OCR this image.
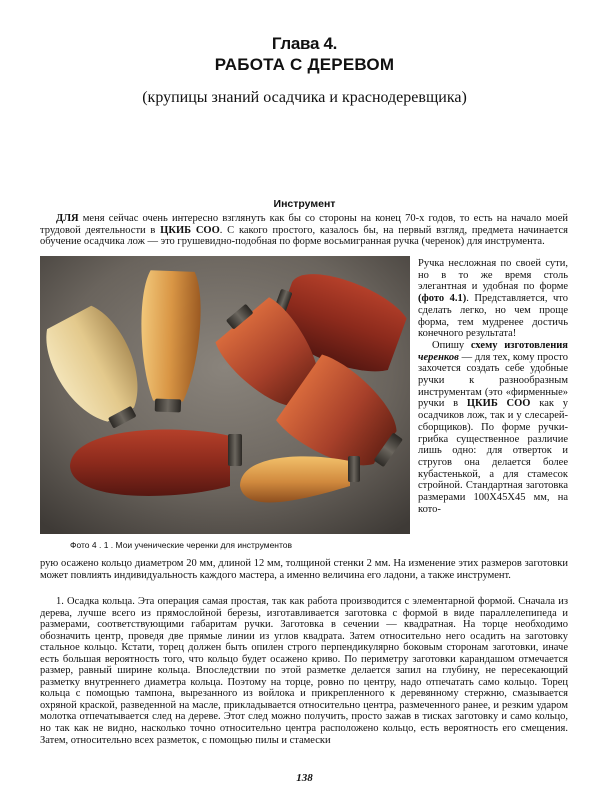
Глава 4.
РАБОТА С ДЕРЕВОМ
(крупицы знаний осадчика и краснодеревщика)
Инструмент
ДЛЯ меня сейчас очень интересно взглянуть как бы со стороны на конец 70-х годов, то есть на начало моей трудовой деятельности в ЦКИБ СОО. С какого простого, казалось бы, на первый взгляд, предмета начинается обучение осадчика лож — это грушевидно-подобная по форме восьмигранная ручка (черенок) для инструмента.
Фото 4 . 1 . Мои ученические черенки для инструментов
Ручка несложная по своей сути, но в то же время столь элегантная и удобная по форме (фото 4.1). Представляется, что сделать легко, но чем проще форма, тем мудренее достичь конечного результата!
Опишу схему изготовления черенков — для тех, кому просто захочется создать себе удобные ручки к разнообразным инструментам (это «фирменные» ручки в ЦКИБ СОО как у осадчиков лож, так и у слесарей-сборщиков). По форме ручки-грибка существенное различие лишь одно: для отверток и стругов она делается более кубастенькой, а для стамесок стройной. Стандартная заготовка размерами 100Х45Х45 мм, на кото-
рую осажено кольцо диаметром 20 мм, длиной 12 мм, толщиной стенки 2 мм. На изменение этих размеров заготовки может повлиять индивидуальность каждого мастера, а именно величина его ладони, а также инструмент.
1. Осадка кольца. Эта операция самая простая, так как работа производится с элементарной формой. Сначала из дерева, лучше всего из прямослойной березы, изготавливается заготовка с формой в виде параллелепипеда и размерами, соответствующими габаритам ручки. Заготовка в сечении — квадратная. На торце необходимо обозначить центр, проведя две прямые линии из углов квадрата. Затем относительно него осадить на заготовку стальное кольцо. Кстати, торец должен быть опилен строго перпендикулярно боковым сторонам заготовки, иначе есть большая вероятность того, что кольцо будет осажено криво. По периметру заготовки карандашом отмечается размер, равный ширине кольца. Впоследствии по этой разметке делается запил на глубину, не пересекающий разметку внутреннего диаметра кольца. Поэтому на торце, ровно по центру, надо отпечатать само кольцо. Торец кольца с помощью тампона, вырезанного из войлока и прикрепленного к деревянному стержню, смазывается охряной краской, разведенной на масле, прикладывается относительно центра, размеченного ранее, и резким ударом молотка отпечатывается след на дереве. Этот след можно получить, просто зажав в тисках заготовку и само кольцо, но так как не видно, насколько точно относительно центра расположено кольцо, есть вероятность его смещения. Затем, относительно всех разметок, с помощью пилы и стамески
138
